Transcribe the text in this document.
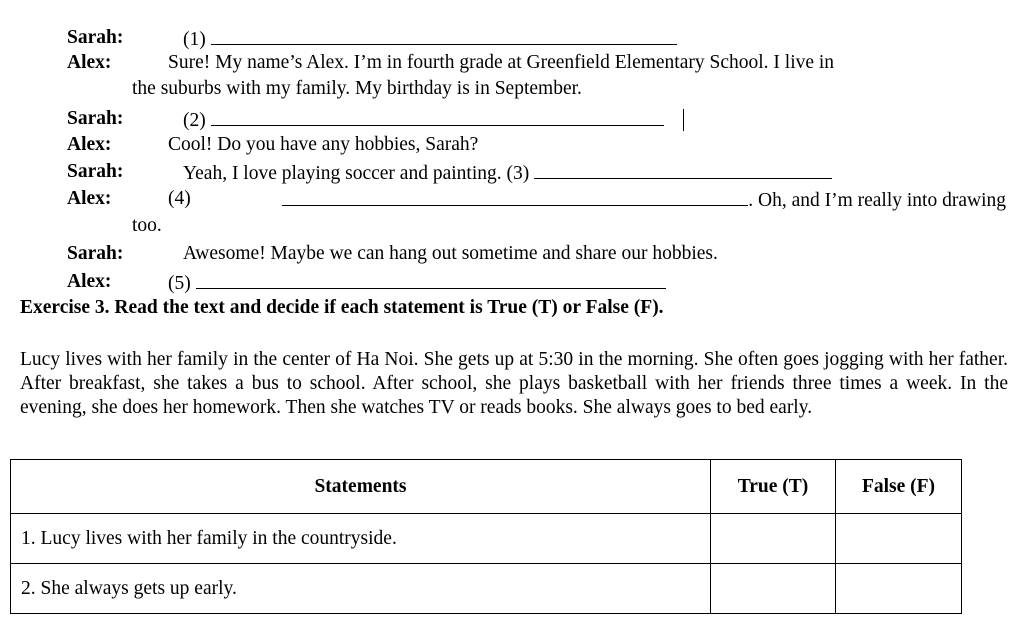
Sarah:	(1)
Alex:	Sure! My name’s Alex. I’m in fourth grade at Greenfield Elementary School. I live in
the suburbs with my family. My birthday is in September.
Sarah:	(2)
Alex:	Cool! Do you have any hobbies, Sarah?
Sarah:	Yeah, I love playing soccer and painting. (3)
Alex:	(4)	. Oh, and I’m really into drawing
too.
Sarah:	Awesome! Maybe we can hang out sometime and share our hobbies.
Alex:	(5)
Exercise 3. Read the text and decide if each statement is True (T) or False (F).
Lucy lives with her family in the center of Ha Noi. She gets up at 5:30 in the morning. She often goes jogging with her father. After breakfast, she takes a bus to school. After school, she plays basketball with her friends three times a week. In the evening, she does her homework. Then she watches TV or reads books. She always goes to bed early.
Statements	True (T)	False (F)
1. Lucy lives with her family in the countryside.		
2. She always gets up early.		
